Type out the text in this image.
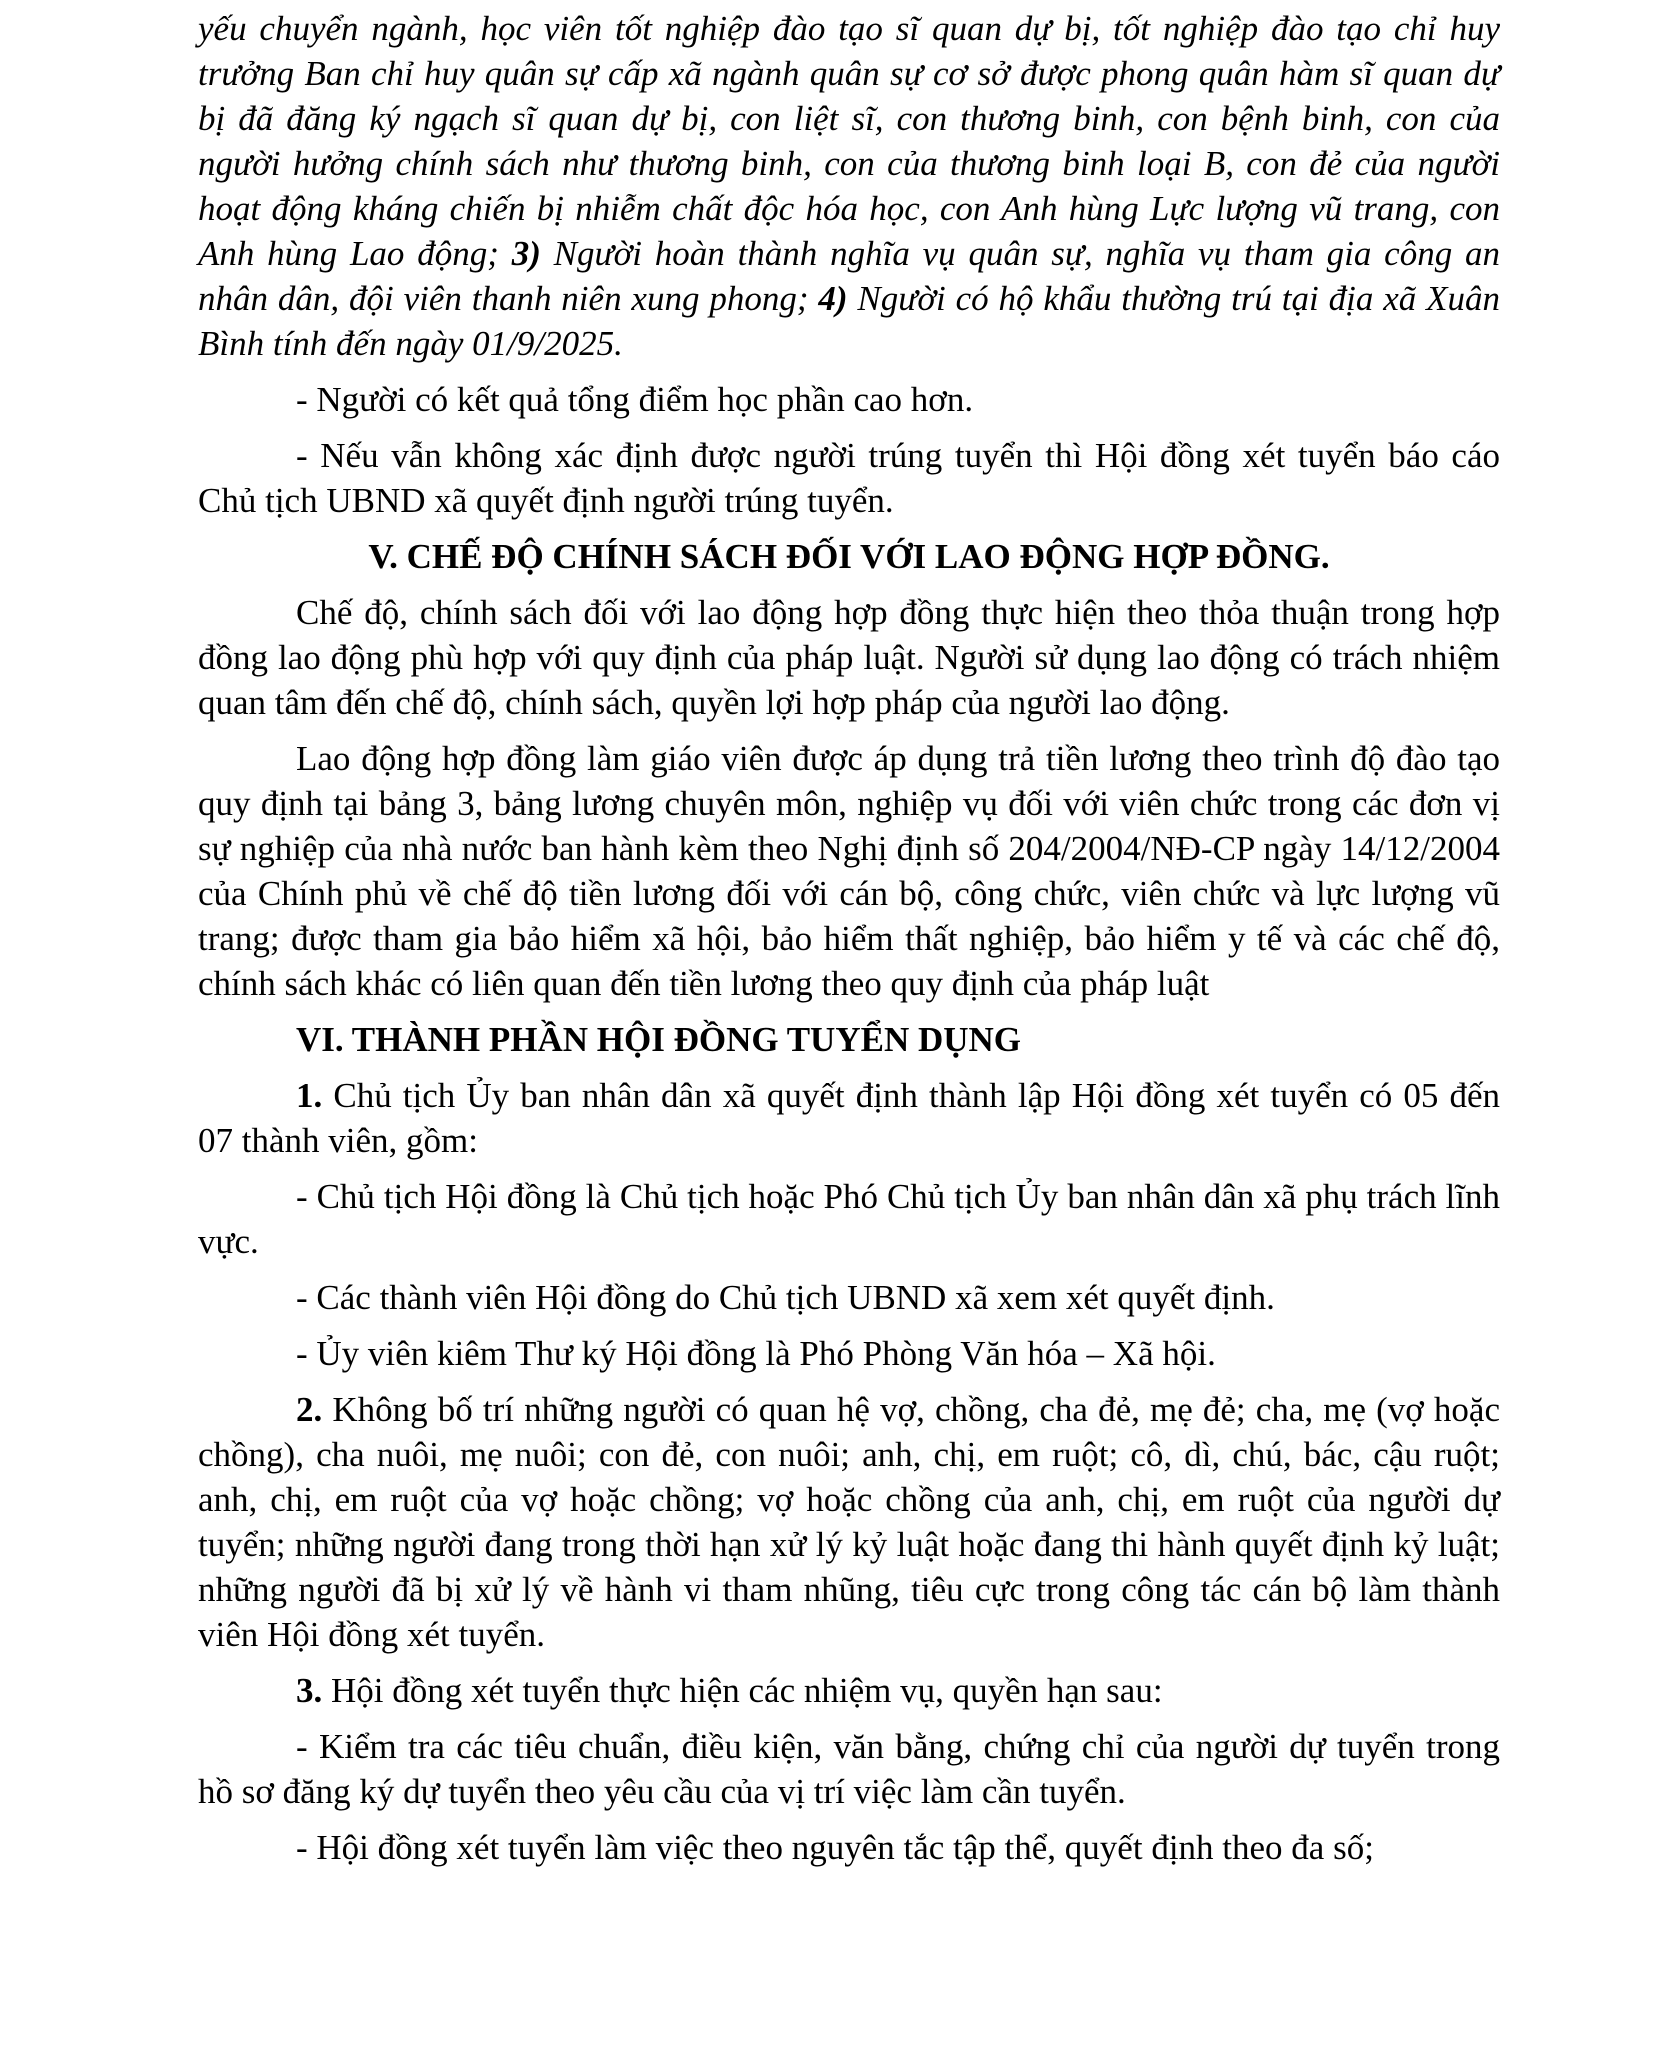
yếu chuyển ngành, học viên tốt nghiệp đào tạo sĩ quan dự bị, tốt nghiệp đào tạo chỉ huy trưởng Ban chỉ huy quân sự cấp xã ngành quân sự cơ sở được phong quân hàm sĩ quan dự bị đã đăng ký ngạch sĩ quan dự bị, con liệt sĩ, con thương binh, con bệnh binh, con của người hưởng chính sách như thương binh, con của thương binh loại B, con đẻ của người hoạt động kháng chiến bị nhiễm chất độc hóa học, con Anh hùng Lực lượng vũ trang, con Anh hùng Lao động; 3) Người hoàn thành nghĩa vụ quân sự, nghĩa vụ tham gia công an nhân dân, đội viên thanh niên xung phong; 4) Người có hộ khẩu thường trú tại địa xã Xuân Bình tính đến ngày 01/9/2025.

- Người có kết quả tổng điểm học phần cao hơn.

- Nếu vẫn không xác định được người trúng tuyển thì Hội đồng xét tuyển báo cáo Chủ tịch UBND xã quyết định người trúng tuyển.

V. CHẾ ĐỘ CHÍNH SÁCH ĐỐI VỚI LAO ĐỘNG HỢP ĐỒNG.

Chế độ, chính sách đối với lao động hợp đồng thực hiện theo thỏa thuận trong hợp đồng lao động phù hợp với quy định của pháp luật. Người sử dụng lao động có trách nhiệm quan tâm đến chế độ, chính sách, quyền lợi hợp pháp của người lao động.

Lao động hợp đồng làm giáo viên được áp dụng trả tiền lương theo trình độ đào tạo quy định tại bảng 3, bảng lương chuyên môn, nghiệp vụ đối với viên chức trong các đơn vị sự nghiệp của nhà nước ban hành kèm theo Nghị định số 204/2004/NĐ-CP ngày 14/12/2004 của Chính phủ về chế độ tiền lương đối với cán bộ, công chức, viên chức và lực lượng vũ trang; được tham gia bảo hiểm xã hội, bảo hiểm thất nghiệp, bảo hiểm y tế và các chế độ, chính sách khác có liên quan đến tiền lương theo quy định của pháp luật

VI. THÀNH PHẦN HỘI ĐỒNG TUYỂN DỤNG

1. Chủ tịch Ủy ban nhân dân xã quyết định thành lập Hội đồng xét tuyển có 05 đến 07 thành viên, gồm:

- Chủ tịch Hội đồng là Chủ tịch hoặc Phó Chủ tịch Ủy ban nhân dân xã phụ trách lĩnh vực.

- Các thành viên Hội đồng do Chủ tịch UBND xã xem xét quyết định.

- Ủy viên kiêm Thư ký Hội đồng là Phó Phòng Văn hóa – Xã hội.

2. Không bố trí những người có quan hệ vợ, chồng, cha đẻ, mẹ đẻ; cha, mẹ (vợ hoặc chồng), cha nuôi, mẹ nuôi; con đẻ, con nuôi; anh, chị, em ruột; cô, dì, chú, bác, cậu ruột; anh, chị, em ruột của vợ hoặc chồng; vợ hoặc chồng của anh, chị, em ruột của người dự tuyển; những người đang trong thời hạn xử lý kỷ luật hoặc đang thi hành quyết định kỷ luật; những người đã bị xử lý về hành vi tham nhũng, tiêu cực trong công tác cán bộ làm thành viên Hội đồng xét tuyển.

3. Hội đồng xét tuyển thực hiện các nhiệm vụ, quyền hạn sau:

- Kiểm tra các tiêu chuẩn, điều kiện, văn bằng, chứng chỉ của người dự tuyển trong hồ sơ đăng ký dự tuyển theo yêu cầu của vị trí việc làm cần tuyển.

- Hội đồng xét tuyển làm việc theo nguyên tắc tập thể, quyết định theo đa số;
